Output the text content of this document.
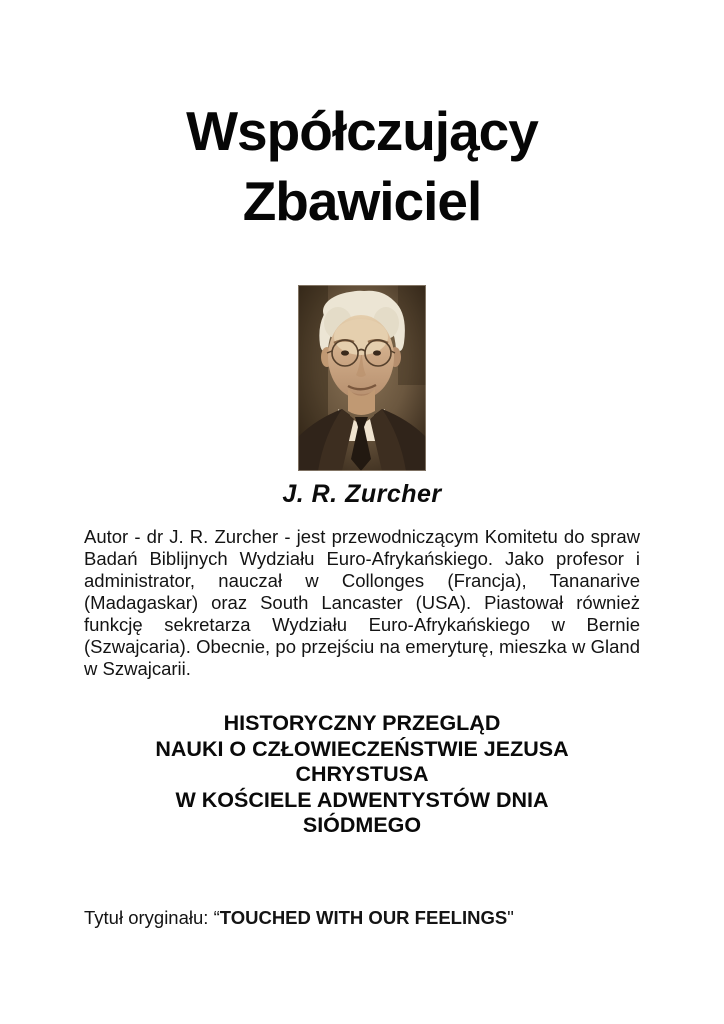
Współczujący
Zbawiciel
J. R. Zurcher

Autor - dr J. R. Zurcher - jest przewodniczącym Komitetu do spraw Badań Biblijnych Wydziału Euro-Afrykańskiego. Jako profesor i administrator, nauczał w Collonges (Francja), Tananarive (Madagaskar) oraz South Lancaster (USA). Piastował również funkcję sekretarza Wydziału Euro-Afrykańskiego w Bernie (Szwajcaria). Obecnie, po przejściu na emeryturę, mieszka w Gland w Szwajcarii.

HISTORYCZNY PRZEGLĄD
NAUKI O CZŁOWIECZEŃSTWIE JEZUSA
CHRYSTUSA
W KOŚCIELE ADWENTYSTÓW DNIA
SIÓDMEGO

Tytuł oryginału: “TOUCHED WITH OUR FEELINGS"
